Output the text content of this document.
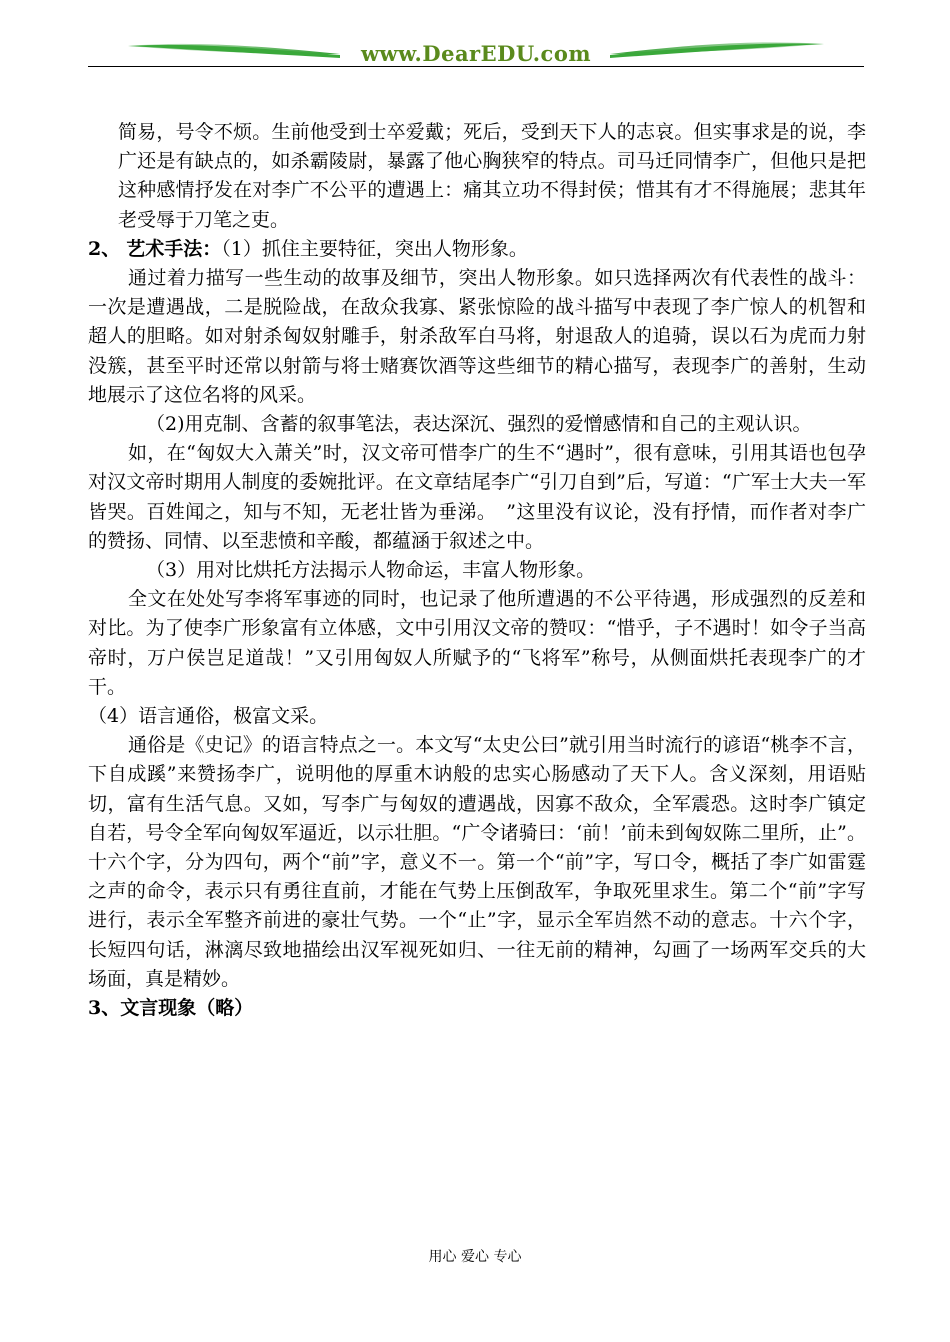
www.DearEDU.com

简易，号令不烦。生前他受到士卒爱戴；死后，受到天下人的志哀。但实事求是的说，李广还是有缺点的，如杀霸陵尉，暴露了他心胸狭窄的特点。司马迁同情李广，但他只是把这种感情抒发在对李广不公平的遭遇上：痛其立功不得封侯；惜其有才不得施展；悲其年老受辱于刀笔之吏。

2、 艺术手法：（1）抓住主要特征，突出人物形象。

通过着力描写一些生动的故事及细节，突出人物形象。如只选择两次有代表性的战斗：一次是遭遇战，二是脱险战，在敌众我寡、紧张惊险的战斗描写中表现了李广惊人的机智和超人的胆略。如对射杀匈奴射雕手，射杀敌军白马将，射退敌人的追骑，误以石为虎而力射没簇，甚至平时还常以射箭与将士赌赛饮酒等这些细节的精心描写，表现李广的善射，生动地展示了这位名将的风采。

（2)用克制、含蓄的叙事笔法，表达深沉、强烈的爱憎感情和自己的主观认识。

如，在“匈奴大入萧关”时，汉文帝可惜李广的生不“遇时”，很有意味，引用其语也包孕对汉文帝时期用人制度的委婉批评。在文章结尾李广“引刀自到”后，写道：“广军士大夫一军皆哭。百姓闻之，知与不知，无老壮皆为垂涕。　”这里没有议论，没有抒情，而作者对李广的赞扬、同情、以至悲愤和辛酸，都蕴涵于叙述之中。

（3）用对比烘托方法揭示人物命运，丰富人物形象。

全文在处处写李将军事迹的同时，也记录了他所遭遇的不公平待遇，形成强烈的反差和对比。为了使李广形象富有立体感，文中引用汉文帝的赞叹：“惜乎，子不遇时！如令子当高帝时，万户侯岂足道哉！”又引用匈奴人所赋予的“飞将军”称号，从侧面烘托表现李广的才干。

（4）语言通俗，极富文采。

通俗是《史记》的语言特点之一。本文写“太史公曰”就引用当时流行的谚语“桃李不言，下自成蹊”来赞扬李广，说明他的厚重木讷般的忠实心肠感动了天下人。含义深刻，用语贴切，富有生活气息。又如，写李广与匈奴的遭遇战，因寡不敌众，全军震恐。这时李广镇定自若，号令全军向匈奴军逼近，以示壮胆。“广令诸骑曰：‘前！’前未到匈奴陈二里所，止”。十六个字，分为四句，两个“前”字，意义不一。第一个“前”字，写口令，概括了李广如雷霆之声的命令，表示只有勇往直前，才能在气势上压倒敌军，争取死里求生。第二个“前”字写进行，表示全军整齐前进的豪壮气势。一个“止”字，显示全军岿然不动的意志。十六个字，长短四句话，淋漓尽致地描绘出汉军视死如归、一往无前的精神，勾画了一场两军交兵的大场面，真是精妙。

3、文言现象（略）

用心 爱心 专心
